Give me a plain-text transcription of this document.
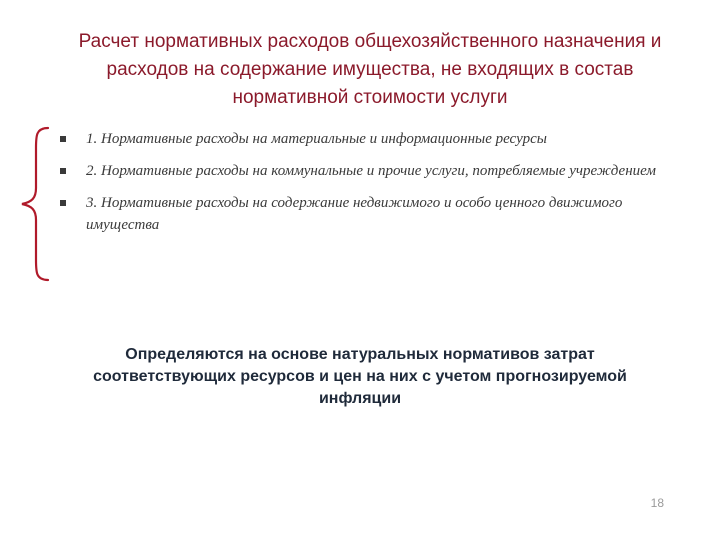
Расчет нормативных расходов общехозяйственного назначения и расходов на содержание имущества, не входящих в состав нормативной стоимости услуги
1. Нормативные расходы на материальные и информационные ресурсы
2. Нормативные расходы на коммунальные и прочие услуги, потребляемые учреждением
3. Нормативные расходы на содержание недвижимого и особо ценного движимого имущества

Определяются на основе натуральных нормативов затрат соответствующих ресурсов и цен на них с учетом прогнозируемой инфляции

18
